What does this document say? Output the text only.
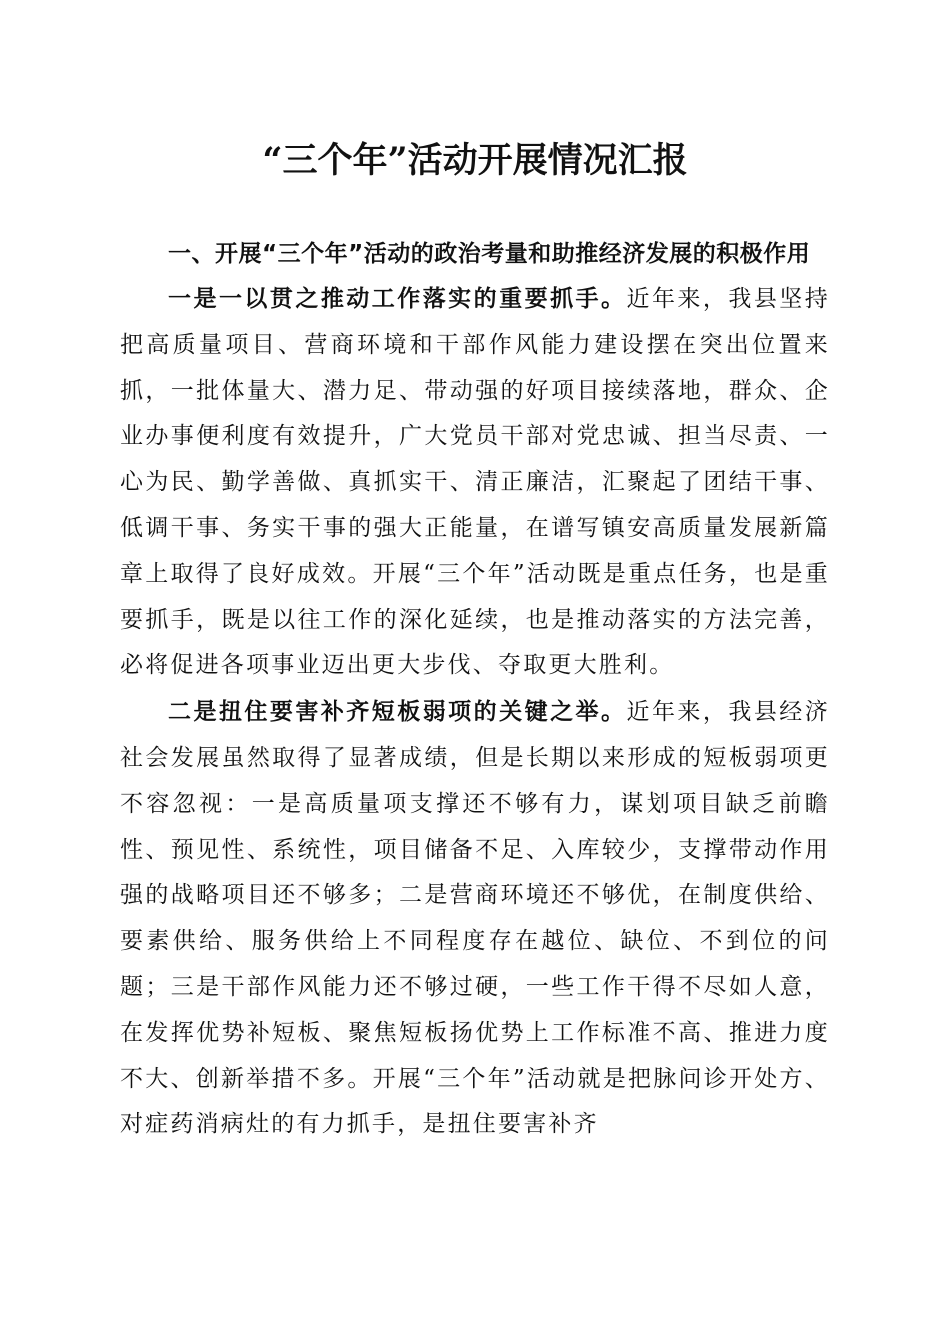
“三个年”活动开展情况汇报

一、开展“三个年”活动的政治考量和助推经济发展的积极作用

一是一以贯之推动工作落实的重要抓手。近年来，我县坚持把高质量项目、营商环境和干部作风能力建设摆在突出位置来抓，一批体量大、潜力足、带动强的好项目接续落地，群众、企业办事便利度有效提升，广大党员干部对党忠诚、担当尽责、一心为民、勤学善做、真抓实干、清正廉洁，汇聚起了团结干事、低调干事、务实干事的强大正能量，在谱写镇安高质量发展新篇章上取得了良好成效。开展“三个年”活动既是重点任务，也是重要抓手，既是以往工作的深化延续，也是推动落实的方法完善，必将促进各项事业迈出更大步伐、夺取更大胜利。

二是扭住要害补齐短板弱项的关键之举。近年来，我县经济社会发展虽然取得了显著成绩，但是长期以来形成的短板弱项更不容忽视：一是高质量项支撑还不够有力，谋划项目缺乏前瞻性、预见性、系统性，项目储备不足、入库较少，支撑带动作用强的战略项目还不够多；二是营商环境还不够优，在制度供给、要素供给、服务供给上不同程度存在越位、缺位、不到位的问题；三是干部作风能力还不够过硬，一些工作干得不尽如人意，在发挥优势补短板、聚焦短板扬优势上工作标准不高、推进力度不大、创新举措不多。开展“三个年”活动就是把脉问诊开处方、对症药消病灶的有力抓手，是扭住要害补齐
